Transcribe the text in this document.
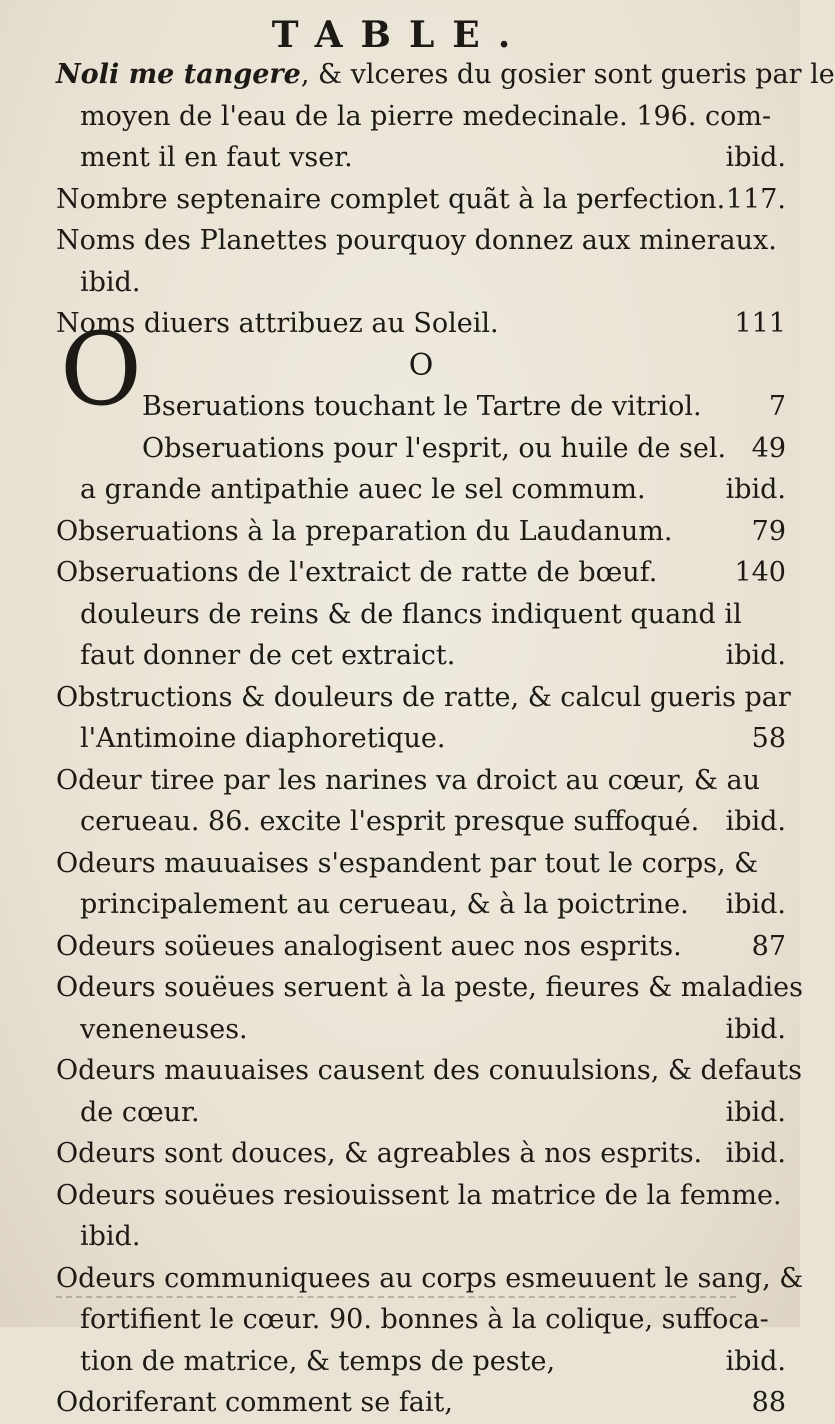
TABLE.
Noli me tangere, & vlceres du gosier sont gueris par le
moyen de l'eau de la pierre medecinale. 196. com-
ment il en faut vser.	ibid.
Nombre septenaire complet quãt à la perfection. 117.
Noms des Planettes pourquoy donnez aux mineraux.
ibid.
Noms diuers attribuez au Soleil.	111
O
Bseruations touchant le Tartre de vitriol. 7
Obseruations pour l'esprit, ou huile de sel. 49
a grande antipathie auec le sel commum.	ibid.
Obseruations à la preparation du Laudanum.	79
Obseruations de l'extraict de ratte de bœuf.	140
douleurs de reins & de flancs indiquent quand il
faut donner de cet extraict.	ibid.
Obstructions & douleurs de ratte, & calcul gueris par
l'Antimoine diaphoretique.	58
Odeur tiree par les narines va droict au cœur, & au
cerueau. 86. excite l'esprit presque suffoqué. ibid.
Odeurs mauuaises s'espandent par tout le corps, &
principalement au cerueau, & à la poictrine. ibid.
Odeurs soüeues analogisent auec nos esprits.	87
Odeurs souëues seruent à la peste, fieures & maladies
veneneuses.	ibid.
Odeurs mauuaises causent des conuulsions, & defauts
de cœur.	ibid.
Odeurs sont douces, & agreables à nos esprits. ibid.
Odeurs souëues resiouissent la matrice de la femme.
ibid.
Odeurs communiquees au corps esmeuuent le sang, &
fortifient le cœur. 90. bonnes à la colique, suffoca-
tion de matrice, & temps de peste,	ibid.
Odoriferant comment se fait,	88
O
